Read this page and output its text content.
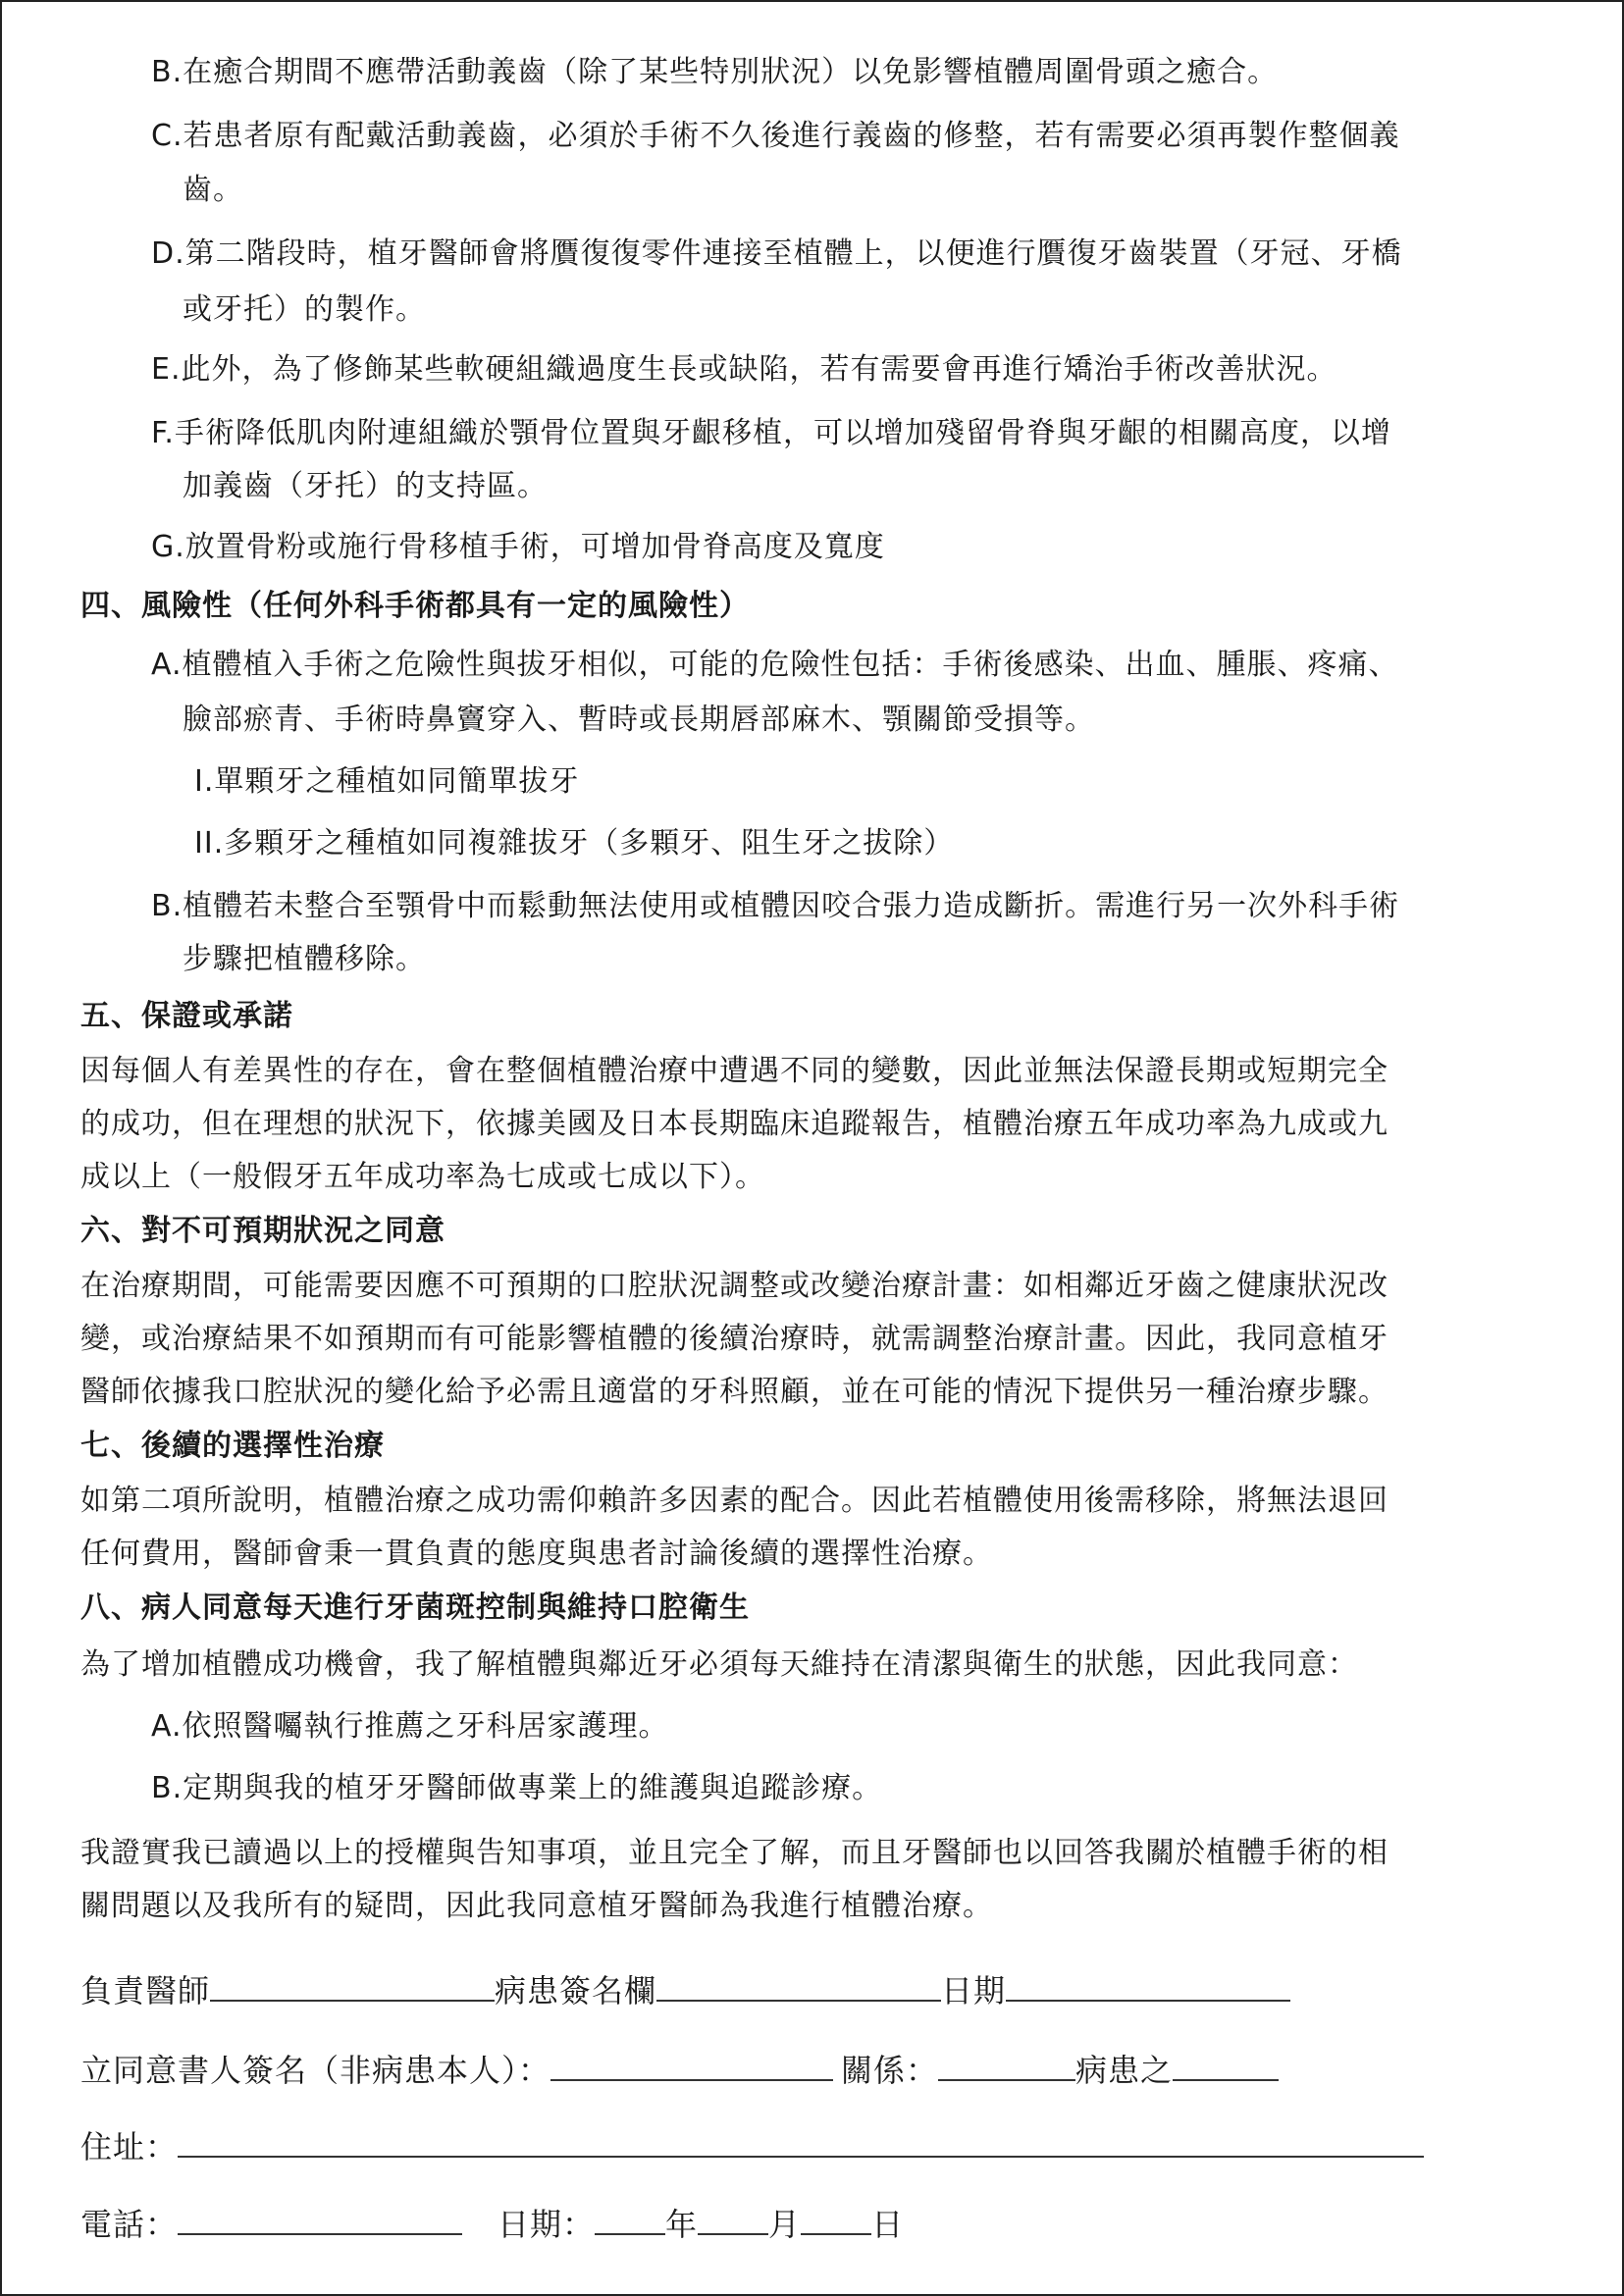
B.在癒合期間不應帶活動義齒（除了某些特別狀況）以免影響植體周圍骨頭之癒合。
C.若患者原有配戴活動義齒，必須於手術不久後進行義齒的修整，若有需要必須再製作整個義
齒。
D.第二階段時，植牙醫師會將贋復復零件連接至植體上，以便進行贋復牙齒裝置（牙冠、牙橋
或牙托）的製作。
E.此外，為了修飾某些軟硬組織過度生長或缺陷，若有需要會再進行矯治手術改善狀況。
F.手術降低肌肉附連組織於顎骨位置與牙齦移植，可以增加殘留骨脊與牙齦的相關高度，以增
加義齒（牙托）的支持區。
G.放置骨粉或施行骨移植手術，可增加骨脊高度及寬度
四、風險性（任何外科手術都具有一定的風險性）
A.植體植入手術之危險性與拔牙相似，可能的危險性包括：手術後感染、出血、腫脹、疼痛、
臉部瘀青、手術時鼻竇穿入、暫時或長期唇部麻木、顎關節受損等。
I.單顆牙之種植如同簡單拔牙
II.多顆牙之種植如同複雜拔牙（多顆牙、阻生牙之拔除）
B.植體若未整合至顎骨中而鬆動無法使用或植體因咬合張力造成斷折。需進行另一次外科手術
步驟把植體移除。
五、保證或承諾
因每個人有差異性的存在，會在整個植體治療中遭遇不同的變數，因此並無法保證長期或短期完全
的成功，但在理想的狀況下，依據美國及日本長期臨床追蹤報告，植體治療五年成功率為九成或九
成以上（一般假牙五年成功率為七成或七成以下）。
六、對不可預期狀況之同意
在治療期間，可能需要因應不可預期的口腔狀況調整或改變治療計畫：如相鄰近牙齒之健康狀況改
變，或治療結果不如預期而有可能影響植體的後續治療時，就需調整治療計畫。因此，我同意植牙
醫師依據我口腔狀況的變化給予必需且適當的牙科照顧，並在可能的情況下提供另一種治療步驟。
七、後續的選擇性治療
如第二項所說明，植體治療之成功需仰賴許多因素的配合。因此若植體使用後需移除，將無法退回
任何費用，醫師會秉一貫負責的態度與患者討論後續的選擇性治療。
八、病人同意每天進行牙菌斑控制與維持口腔衛生
為了增加植體成功機會，我了解植體與鄰近牙必須每天維持在清潔與衛生的狀態，因此我同意：
A.依照醫囑執行推薦之牙科居家護理。
B.定期與我的植牙牙醫師做專業上的維護與追蹤診療。
我證實我已讀過以上的授權與告知事項，並且完全了解，而且牙醫師也以回答我關於植體手術的相
關問題以及我所有的疑問，因此我同意植牙醫師為我進行植體治療。
負責醫師	病患簽名欄	日期
立同意書人簽名（非病患本人）：	關係：	病患之
住址：
電話：	日期： 年 月 日
